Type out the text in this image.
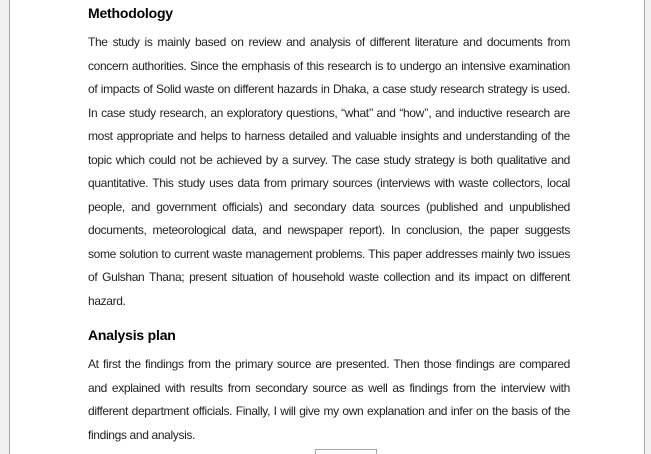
Methodology

The study is mainly based on review and analysis of different literature and documents from concern authorities. Since the emphasis of this research is to undergo an intensive examination of impacts of Solid waste on different hazards in Dhaka, a case study research strategy is used. In case study research, an exploratory questions, “what’’ and “how’’, and inductive research are most appropriate and helps to harness detailed and valuable insights and understanding of the topic which could not be achieved by a survey. The case study strategy is both qualitative and quantitative. This study uses data from primary sources (interviews with waste collectors, local people, and government officials) and secondary data sources (published and unpublished documents, meteorological data, and newspaper report). In conclusion, the paper suggests some solution to current waste management problems. This paper addresses mainly two issues of Gulshan Thana; present situation of household waste collection and its impact on different hazard.

Analysis plan

At first the findings from the primary source are presented. Then those findings are compared and explained with results from secondary source as well as findings from the interview with different department officials. Finally, I will give my own explanation and infer on the basis of the findings and analysis.
